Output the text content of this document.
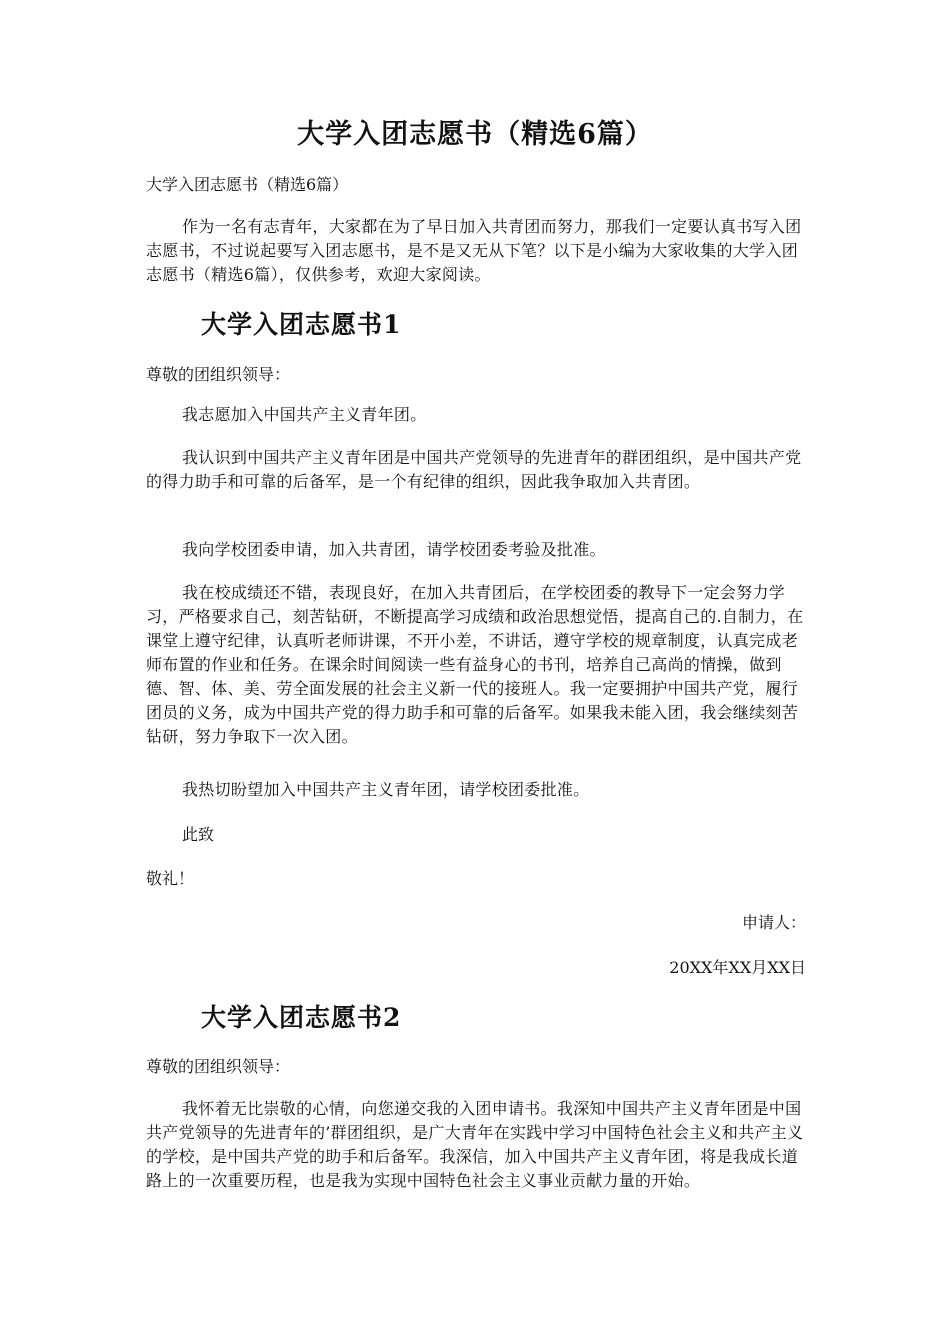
大学入团志愿书（精选6篇）

大学入团志愿书（精选6篇）

作为一名有志青年，大家都在为了早日加入共青团而努力，那我们一定要认真书写入团志愿书，不过说起要写入团志愿书，是不是又无从下笔？以下是小编为大家收集的大学入团志愿书（精选6篇），仅供参考，欢迎大家阅读。

大学入团志愿书1

尊敬的团组织领导：

我志愿加入中国共产主义青年团。

我认识到中国共产主义青年团是中国共产党领导的先进青年的群团组织，是中国共产党的得力助手和可靠的后备军，是一个有纪律的组织，因此我争取加入共青团。

我向学校团委申请，加入共青团，请学校团委考验及批准。

我在校成绩还不错，表现良好，在加入共青团后，在学校团委的教导下一定会努力学习，严格要求自己，刻苦钻研，不断提高学习成绩和政治思想觉悟，提高自己的.自制力，在课堂上遵守纪律，认真听老师讲课，不开小差，不讲话，遵守学校的规章制度，认真完成老师布置的作业和任务。在课余时间阅读一些有益身心的书刊，培养自己高尚的情操，做到德、智、体、美、劳全面发展的社会主义新一代的接班人。我一定要拥护中国共产党，履行团员的义务，成为中国共产党的得力助手和可靠的后备军。如果我未能入团，我会继续刻苦钻研，努力争取下一次入团。

我热切盼望加入中国共产主义青年团，请学校团委批准。

此致

敬礼！

申请人：

20XX年XX月XX日

大学入团志愿书2

尊敬的团组织领导：

我怀着无比崇敬的心情，向您递交我的入团申请书。我深知中国共产主义青年团是中国共产党领导的先进青年的’群团组织，是广大青年在实践中学习中国特色社会主义和共产主义的学校，是中国共产党的助手和后备军。我深信，加入中国共产主义青年团，将是我成长道路上的一次重要历程，也是我为实现中国特色社会主义事业贡献力量的开始。
